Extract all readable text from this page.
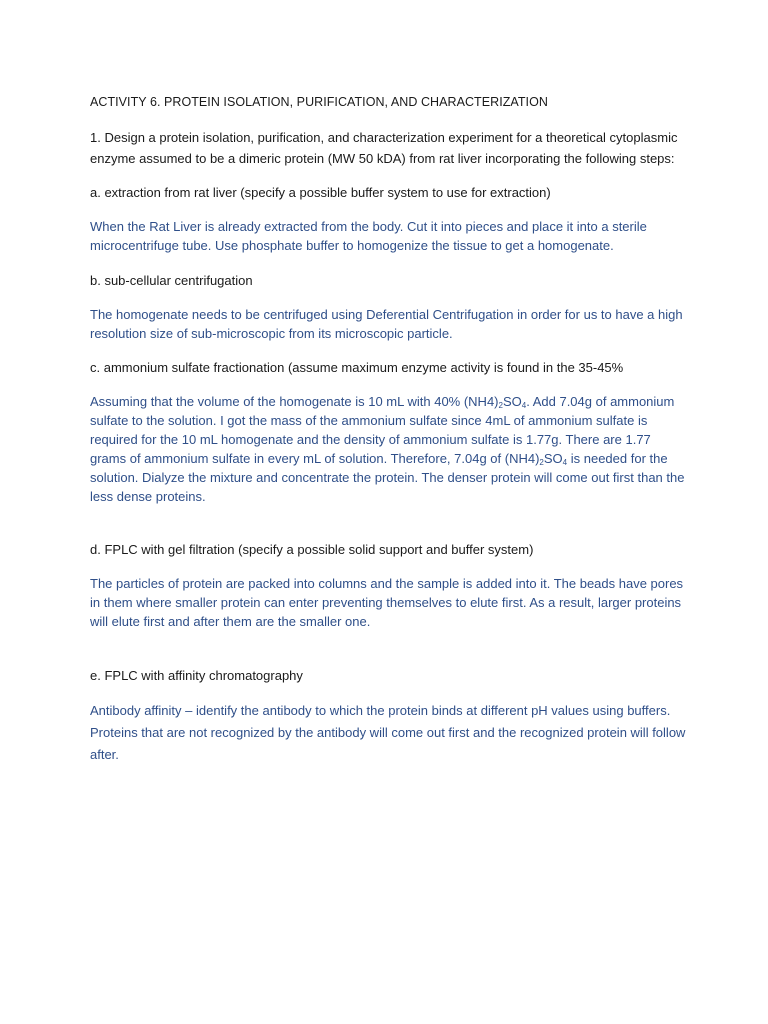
ACTIVITY 6. PROTEIN ISOLATION, PURIFICATION, AND CHARACTERIZATION

1. Design a protein isolation, purification, and characterization experiment for a theoretical cytoplasmic enzyme assumed to be a dimeric protein (MW 50 kDA) from rat liver incorporating the following steps:

a. extraction from rat liver (specify a possible buffer system to use for extraction)

When the Rat Liver is already extracted from the body. Cut it into pieces and place it into a sterile microcentrifuge tube. Use phosphate buffer to homogenize the tissue to get a homogenate.

b. sub-cellular centrifugation

The homogenate needs to be centrifuged using Deferential Centrifugation in order for us to have a high resolution size of sub-microscopic from its microscopic particle.

c. ammonium sulfate fractionation (assume maximum enzyme activity is found in the 35-45%

Assuming that the volume of the homogenate is 10 mL with 40% $(NH4)_2SO_4$. Add 7.04g of ammonium sulfate to the solution. I got the mass of the ammonium sulfate since 4mL of ammonium sulfate is required for the 10 mL homogenate and the density of ammonium sulfate is 1.77g. There are 1.77 grams of ammonium sulfate in every mL of solution. Therefore, 7.04g of $(NH4)_2SO_4$ is needed for the solution. Dialyze the mixture and concentrate the protein. The denser protein will come out first than the less dense proteins.

d. FPLC with gel filtration (specify a possible solid support and buffer system)

The particles of protein are packed into columns and the sample is added into it. The beads have pores in them where smaller protein can enter preventing themselves to elute first. As a result, larger proteins will elute first and after them are the smaller one.

e. FPLC with affinity chromatography

Antibody affinity – identify the antibody to which the protein binds at different pH values using buffers. Proteins that are not recognized by the antibody will come out first and the recognized protein will follow after.
